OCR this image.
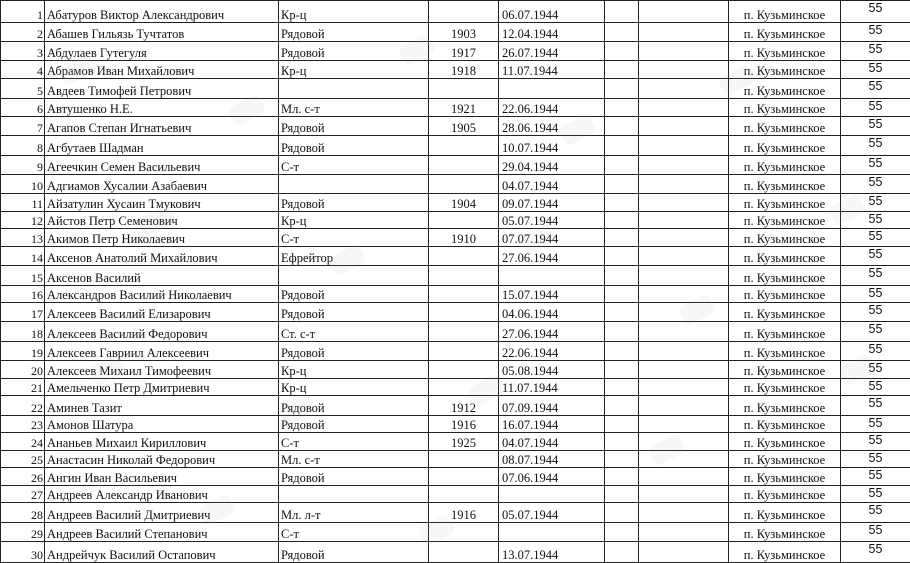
1	Абатуров Виктор Александрович	Кр-ц		06.07.1944			п. Кузьминское	55
2	Абашев Гильязь Тучтатов	Рядовой	1903	12.04.1944			п. Кузьминское	55
3	Абдулаев Гутегуля	Рядовой	1917	26.07.1944			п. Кузьминское	55
4	Абрамов Иван Михайлович	Кр-ц	1918	11.07.1944			п. Кузьминское	55
5	Авдеев Тимофей Петрович						п. Кузьминское	55
6	Автушенко Н.Е.	Мл. с-т	1921	22.06.1944			п. Кузьминское	55
7	Агапов Степан Игнатьевич	Рядовой	1905	28.06.1944			п. Кузьминское	55
8	Агбутаев Шадман	Рядовой		10.07.1944			п. Кузьминское	55
9	Агеечкин Семен Васильевич	С-т		29.04.1944			п. Кузьминское	55
10	Адгиамов Хусалии Азабаевич			04.07.1944			п. Кузьминское	55
11	Айзатулин Хусаин Тмукович	Рядовой	1904	09.07.1944			п. Кузьминское	55
12	Айстов Петр Семенович	Кр-ц		05.07.1944			п. Кузьминское	55
13	Акимов Петр Николаевич	С-т	1910	07.07.1944			п. Кузьминское	55
14	Аксенов Анатолий Михайлович	Ефрейтор		27.06.1944			п. Кузьминское	55
15	Аксенов Василий						п. Кузьминское	55
16	Александров Василий Николаевич	Рядовой		15.07.1944			п. Кузьминское	55
17	Алексеев Василий Елизарович	Рядовой		04.06.1944			п. Кузьминское	55
18	Алексеев Василий Федорович	Ст. с-т		27.06.1944			п. Кузьминское	55
19	Алексеев Гавриил Алексеевич	Рядовой		22.06.1944			п. Кузьминское	55
20	Алексеев Михаил Тимофеевич	Кр-ц		05.08.1944			п. Кузьминское	55
21	Амельченко Петр Дмитриевич	Кр-ц		11.07.1944			п. Кузьминское	55
22	Аминев Тазит	Рядовой	1912	07.09.1944			п. Кузьминское	55
23	Амонов Шатура	Рядовой	1916	16.07.1944			п. Кузьминское	55
24	Ананьев Михаил Кириллович	С-т	1925	04.07.1944			п. Кузьминское	55
25	Анастасин Николай Федорович	Мл. с-т		08.07.1944			п. Кузьминское	55
26	Ангин Иван Васильевич	Рядовой		07.06.1944			п. Кузьминское	55
27	Андреев Александр Иванович						п. Кузьминское	55
28	Андреев Василий Дмитриевич	Мл. л-т	1916	05.07.1944			п. Кузьминское	55
29	Андреев Василий Степанович	С-т					п. Кузьминское	55
30	Андрейчук Василий Остапович	Рядовой		13.07.1944			п. Кузьминское	55
